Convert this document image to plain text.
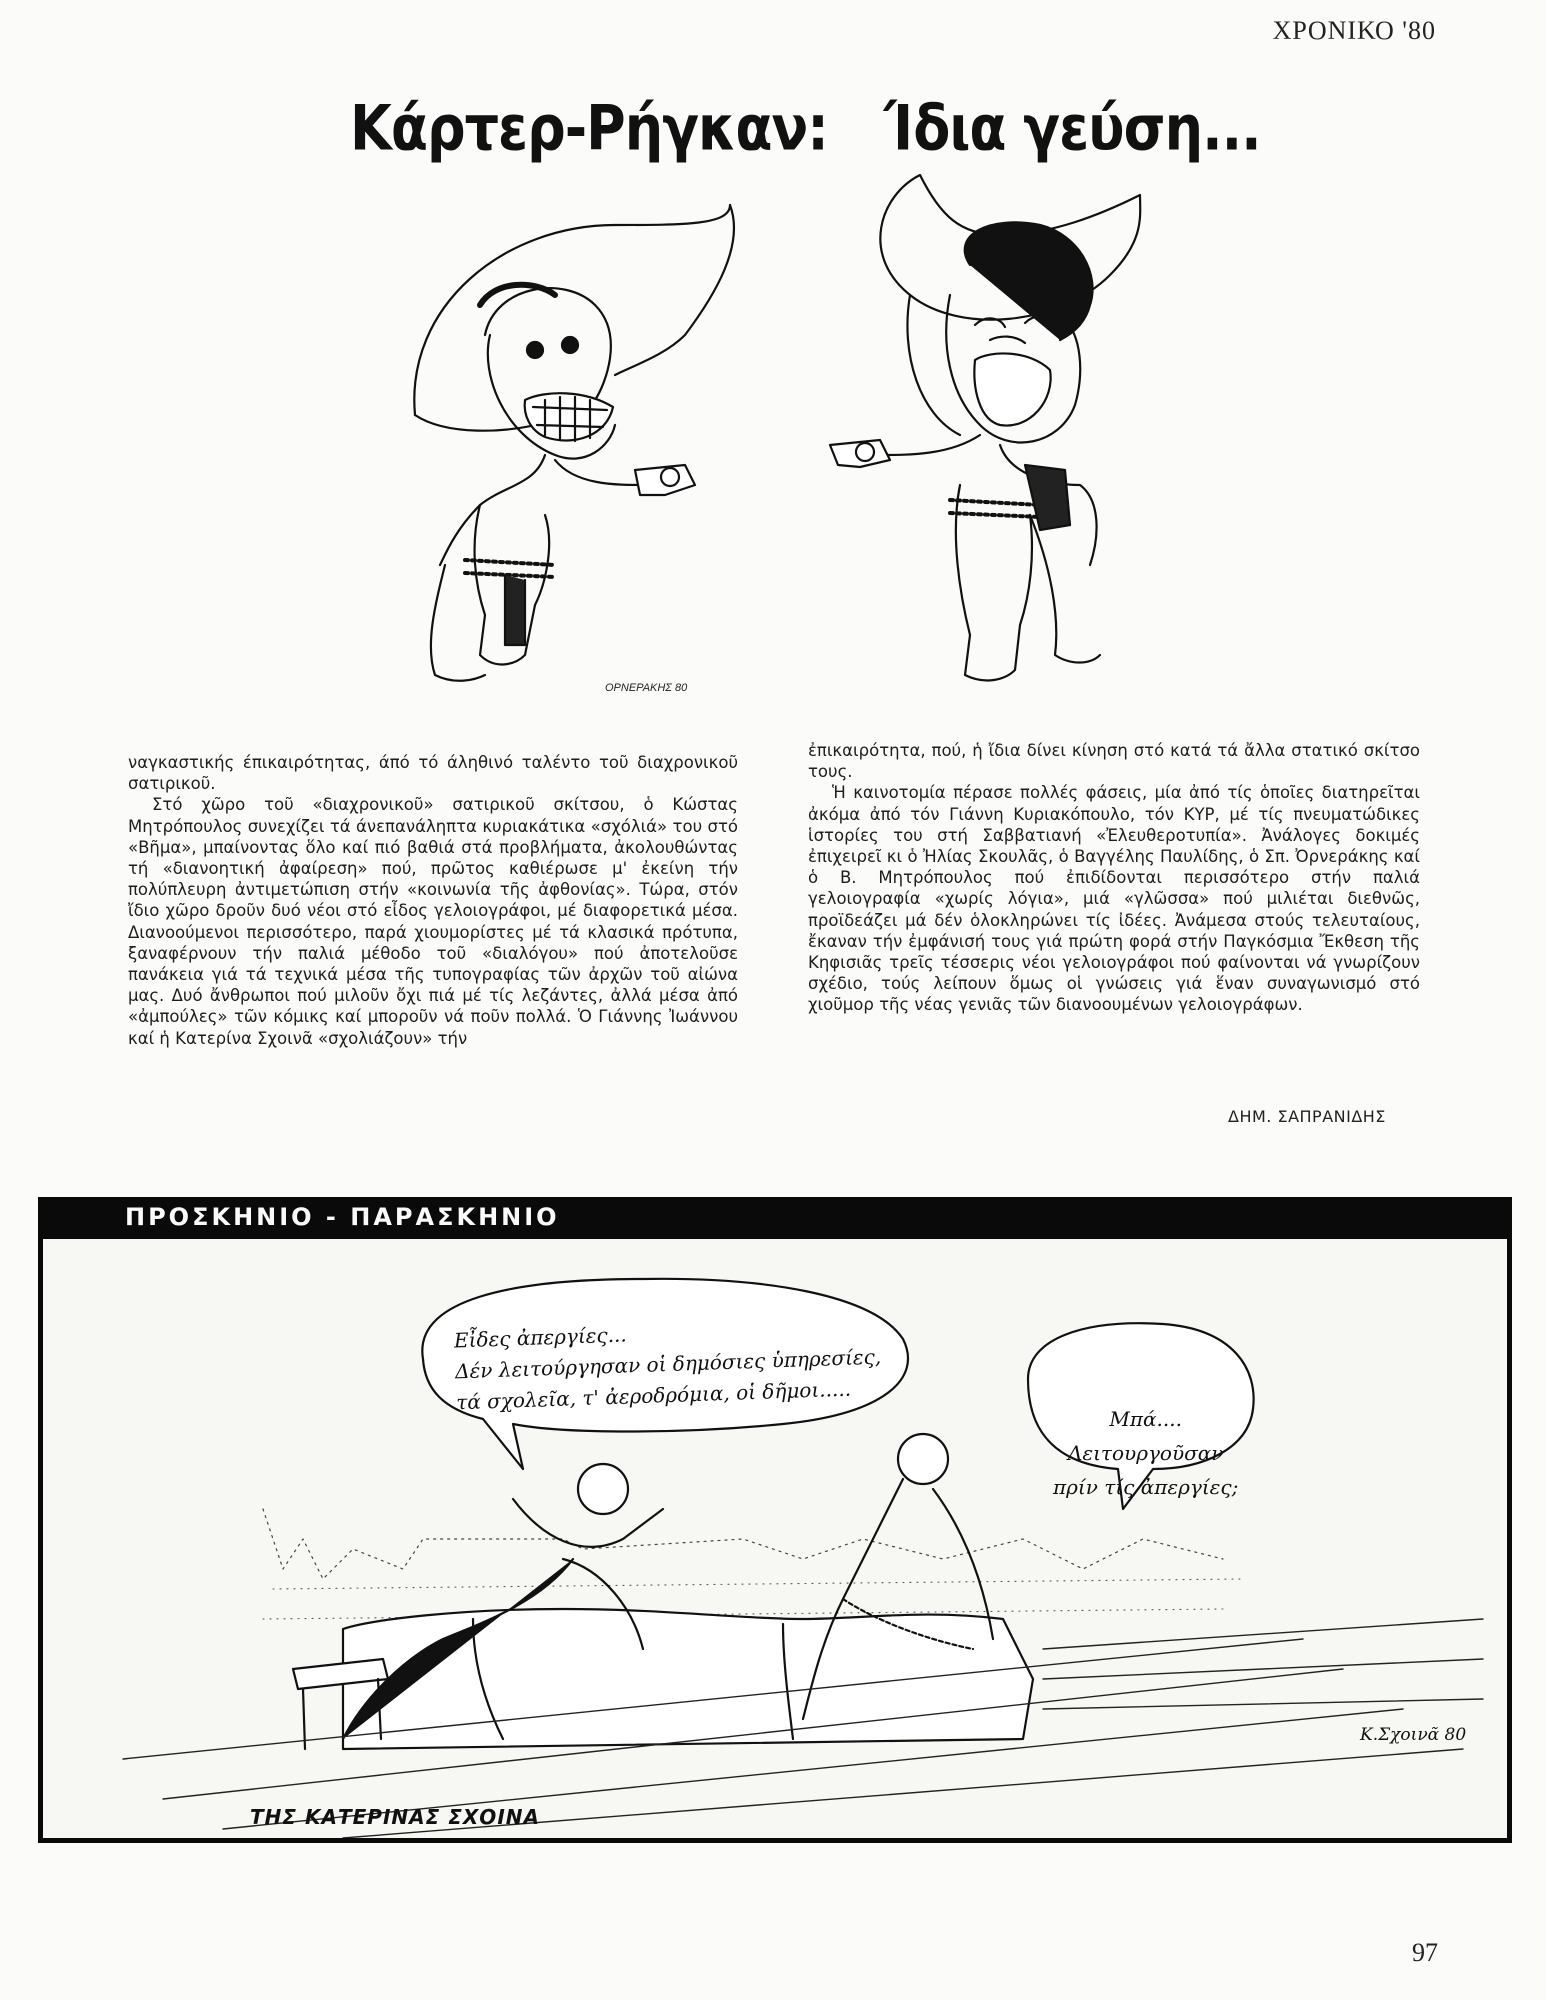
ΧΡΟΝΙΚΟ '80
Κάρτερ-Ρήγκαν: Ίδια γεύση...
ΟΡΝΕΡΑΚΗΣ 80

ναγκαστικής έπικαιρότητας, άπό τό άληθινό ταλέντο τοῦ διαχρονικοῦ σατιρικοῦ.

Στό χῶρο τοῦ «διαχρονικοῦ» σατιρικοῦ σκίτσου, ὁ Κώστας Μητρόπουλος συνεχίζει τά άνεπανάληπτα κυριακάτικα «σχόλιά» του στό «Βῆμα», μπαίνοντας ὅλο καί πιό βαθιά στά προβλήματα, ἀκολουθώντας τή «διανοητική ἀφαίρεση» πού, πρῶτος καθιέρωσε μ' ἐκείνη τήν πολύπλευρη ἀντιμετώπιση στήν «κοινωνία τῆς ἀφθονίας». Τώρα, στόν ἴδιο χῶρο δροῦν δυό νέοι στό εἶδος γελοιογράφοι, μέ διαφορετικά μέσα. Διανοούμενοι περισσότερο, παρά χιουμορίστες μέ τά κλασικά πρότυπα, ξαναφέρνουν τήν παλιά μέθοδο τοῦ «διαλόγου» πού ἀποτελοῦσε πανάκεια γιά τά τεχνικά μέσα τῆς τυπογραφίας τῶν ἀρχῶν τοῦ αἰώνα μας. Δυό ἄνθρωποι πού μιλοῦν ὄχι πιά μέ τίς λεζάντες, ἀλλά μέσα ἀπό «ἀμπούλες» τῶν κόμικς καί μποροῦν νά ποῦν πολλά. Ὁ Γιάννης Ἰωάννου καί ἡ Κατερίνα Σχοινᾶ «σχολιάζουν» τήν

ἐπικαιρότητα, πού, ἡ ἴδια δίνει κίνηση στό κατά τά ἄλλα στατικό σκίτσο τους.

Ἡ καινοτομία πέρασε πολλές φάσεις, μία ἀπό τίς ὁποῖες διατηρεῖται ἀκόμα ἀπό τόν Γιάννη Κυριακόπουλο, τόν ΚΥΡ, μέ τίς πνευματώδικες ἱστορίες του στή Σαββατιανή «Ἐλευθεροτυπία». Ἀνάλογες δοκιμές ἐπιχειρεῖ κι ὁ Ἠλίας Σκουλᾶς, ὁ Βαγγέλης Παυλίδης, ὁ Σπ. Ὀρνεράκης καί ὁ Β. Μητρόπουλος πού ἐπιδίδονται περισσότερο στήν παλιά γελοιογραφία «χωρίς λόγια», μιά «γλῶσσα» πού μιλιέται διεθνῶς, προϊδεάζει μά δέν ὁλοκληρώνει τίς ἰδέες. Ἀνάμεσα στούς τελευταίους, ἔκαναν τήν ἐμφάνισή τους γιά πρώτη φορά στήν Παγκόσμια Ἔκθεση τῆς Κηφισιᾶς τρεῖς τέσσερις νέοι γελοιογράφοι πού φαίνονται νά γνωρίζουν σχέδιο, τούς λείπουν ὅμως οἱ γνώσεις γιά ἕναν συναγωνισμό στό χιοῦμορ τῆς νέας γενιᾶς τῶν διανοουμένων γελοιογράφων.

ΔΗΜ. ΣΑΠΡΑΝΙΔΗΣ
ΠΡΟΣΚΗΝΙΟ - ΠΑΡΑΣΚΗΝΙΟ
Εἶδες ἀπεργίες...
Δέν λειτούργησαν οἱ δημόσιες ὑπηρεσίες,
τά σχολεῖα, τ' ἀεροδρόμια, οἱ δῆμοι.....
Μπά....
Λειτουργοῦσαν
πρίν τίς ἀπεργίες;
Κ.Σχοινᾶ 80
ΤΗΣ ΚΑΤΕΡΙΝΑΣ ΣΧΟΙΝΑ
97
